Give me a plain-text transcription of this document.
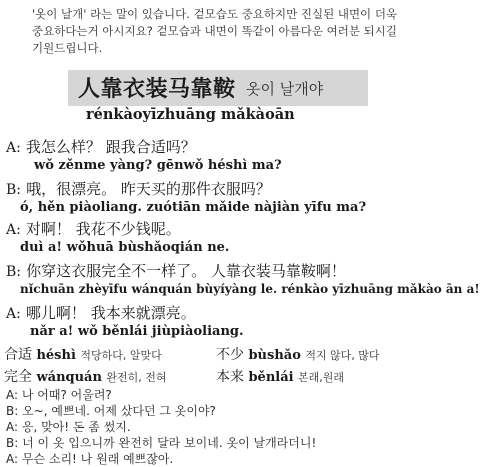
'옷이 날개' 라는 말이 있습니다. 겉모습도 중요하지만 진실된 내면이 더욱

중요하다는거 아시지요? 겉모습과 내면이 똑같이 아름다운 여러분 되시길

기원드립니다.

人靠衣装马靠鞍 옷이 날개야
rénkàoyīzhuāng mǎkàoān
A: 我怎么样？ 跟我合适吗？
wǒ zěnme yàng? gēnwǒ héshì ma?
B: 哦，很漂亮。 昨天买的那件衣服吗？
ó, hěn piàoliang. zuótiān mǎide nàjiàn yīfu ma?
A: 对啊！ 我花不少钱呢。
duì a! wǒhuā bùshǎoqián ne.
B: 你穿这衣服完全不一样了。 人靠衣装马靠鞍啊！
nǐchuān zhèyīfu wánquán bùyíyàng le. rénkào yīzhuāng mǎkào ān a!
A: 哪儿啊！ 我本来就漂亮。
nǎr a! wǒ běnlái jiùpiàoliang.
合适 héshì 적당하다, 알맞다	不少 bùshǎo 적지 않다, 많다
完全 wánquán 완전히, 전혀	本来 běnlái 본래,원래
A: 나 어때? 어울려?
B: 오~, 예쁘네. 어제 샀다던 그 옷이야?
A: 응, 맞아! 돈 좀 썼지.
B: 너 이 옷 입으니까 완전히 달라 보이네. 옷이 날개라더니!
A: 무슨 소리! 나 원래 예쁘잖아.
